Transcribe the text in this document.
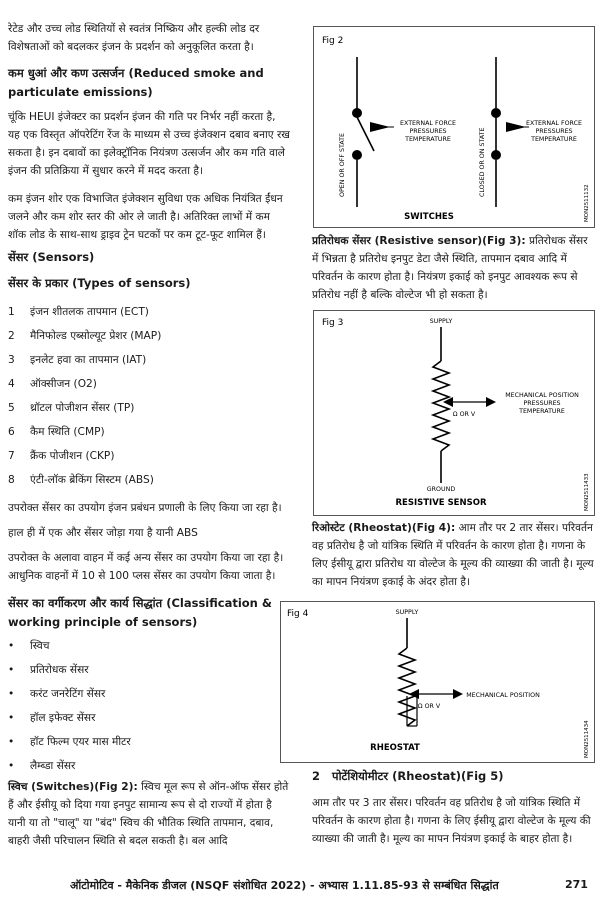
रेटेड और उच्च लोड स्थितियों से स्वतंत्र निष्क्रिय और हल्की लोड दर विशेषताओं को बदलकर इंजन के प्रदर्शन को अनुकूलित करता है।

कम धुआं और कण उत्सर्जन (Reduced smoke and particulate emissions)

चूंकि HEUI इंजेक्टर का प्रदर्शन इंजन की गति पर निर्भर नहीं करता है, यह एक विस्तृत ऑपरेटिंग रेंज के माध्यम से उच्च इंजेक्शन दबाव बनाए रख सकता है। इन दबावों का इलेक्ट्रॉनिक नियंत्रण उत्सर्जन और कम गति वाले इंजन की प्रतिक्रिया में सुधार करने में मदद करता है।

कम इंजन शोर एक विभाजित इंजेक्शन सुविधा एक अधिक नियंत्रित ईंधन जलने और कम शोर स्तर की ओर ले जाती है। अतिरिक्त लाभों में कम शॉक लोड के साथ-साथ ड्राइव ट्रेन घटकों पर कम टूट-फूट शामिल हैं।

सेंसर (Sensors)

सेंसर के प्रकार (Types of sensors)

1 इंजन शीतलक तापमान (ECT)
2 मैनिफोल्ड एब्सोल्यूट प्रेशर (MAP)
3 इनलेट हवा का तापमान (IAT)
4 ऑक्सीजन (O2)
5 थ्रॉटल पोजीशन सेंसर (TP)
6 कैम स्थिति (CMP)
7 क्रैंक पोजीशन (CKP)
8 एंटी-लॉक ब्रेकिंग सिस्टम (ABS)

उपरोक्त सेंसर का उपयोग इंजन प्रबंधन प्रणाली के लिए किया जा रहा है।

हाल ही में एक और सेंसर जोड़ा गया है यानी ABS

उपरोक्त के अलावा वाहन में कई अन्य सेंसर का उपयोग किया जा रहा है। आधुनिक वाहनों में 10 से 100 प्लस सेंसर का उपयोग किया जाता है।

सेंसर का वर्गीकरण और कार्य सिद्धांत (Classification & working principle of sensors)

• स्विच
• प्रतिरोधक सेंसर
• करंट जनरेटिंग सेंसर
• हॉल इफेक्ट सेंसर
• हॉट फिल्म एयर मास मीटर
• लैम्ब्डा सेंसर

स्विच (Switches)(Fig 2): स्विच मूल रूप से ऑन-ऑफ सेंसर होते हैं और ईसीयू को दिया गया इनपुट सामान्य रूप से दो राज्यों में होता है यानी या तो "चालू" या "बंद" स्विच की भौतिक स्थिति तापमान, दबाव, बाहरी जैसी परिचालन स्थिति से बदल सकती है। बल आदि

Fig 2
OPEN OR OFF STATE
EXTERNAL FORCE
PRESSURES
TEMPERATURE	CLOSED OR ON STATE
EXTERNAL FORCE
PRESSURES
TEMPERATURE
SWITCHES	MON2511132

प्रतिरोधक सेंसर (Resistive sensor)(Fig 3): प्रतिरोधक सेंसर में भिन्नता है प्रतिरोध इनपुट डेटा जैसे स्थिति, तापमान दबाव आदि में परिवर्तन के कारण होता है। नियंत्रण इकाई को इनपुट आवश्यक रूप से प्रतिरोध नहीं है बल्कि वोल्टेज भी हो सकता है।

Fig 3	SUPPLY
GROUND
Ω OR V
MECHANICAL POSITION
PRESSURES
TEMPERATURE
RESISTIVE SENSOR	MON2511433

रिओस्टेट (Rheostat)(Fig 4): आम तौर पर 2 तार सेंसर। परिवर्तन वह प्रतिरोध है जो यांत्रिक स्थिति में परिवर्तन के कारण होता है। गणना के लिए ईसीयू द्वारा प्रतिरोध या वोल्टेज के मूल्य की व्याख्या की जाती है। मूल्य का मापन नियंत्रण इकाई के अंदर होता है।

Fig 4	SUPPLY
Ω OR V
MECHANICAL POSITION
RHEOSTAT	MON2511434

2 पोटेंशियोमीटर (Rheostat)(Fig 5)

आम तौर पर 3 तार सेंसर। परिवर्तन वह प्रतिरोध है जो यांत्रिक स्थिति में परिवर्तन के कारण होता है। गणना के लिए ईसीयू द्वारा वोल्टेज के मूल्य की व्याख्या की जाती है। मूल्य का मापन नियंत्रण इकाई के बाहर होता है।

ऑटोमोटिव - मैकेनिक डीजल (NSQF संशोधित 2022) - अभ्यास 1.11.85-93 से सम्बंधित सिद्धांत	271
